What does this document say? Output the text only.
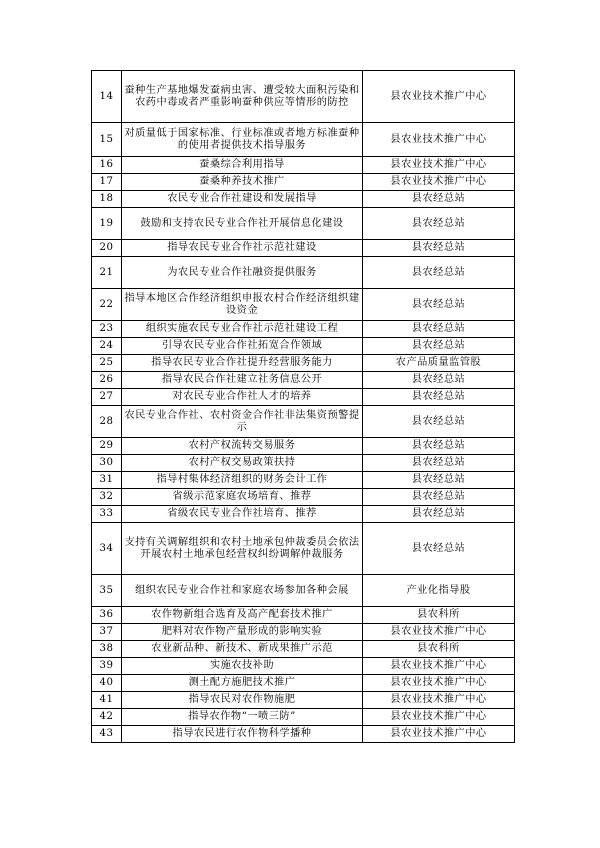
14	蚕种生产基地爆发蚕病虫害、遭受较大面积污染和农药中毒或者严重影响蚕种供应等情形的防控	县农业技术推广中心
15	对质量低于国家标准、行业标准或者地方标准蚕种的使用者提供技术指导服务	县农业技术推广中心
16	蚕桑综合利用指导	县农业技术推广中心
17	蚕桑种养技术推广	县农业技术推广中心
18	农民专业合作社建设和发展指导	县农经总站
19	鼓励和支持农民专业合作社开展信息化建设	县农经总站
20	指导农民专业合作社示范社建设	县农经总站
21	为农民专业合作社融资提供服务	县农经总站
22	指导本地区合作经济组织申报农村合作经济组织建设资金	县农经总站
23	组织实施农民专业合作社示范社建设工程	县农经总站
24	引导农民专业合作社拓宽合作领域	县农经总站
25	指导农民专业合作社提升经营服务能力	农产品质量监管股
26	指导农民合作社建立社务信息公开	县农经总站
27	对农民专业合作社人才的培养	县农经总站
28	农民专业合作社、农村资金合作社非法集资预警提示	县农经总站
29	农村产权流转交易服务	县农经总站
30	农村产权交易政策扶持	县农经总站
31	指导村集体经济组织的财务会计工作	县农经总站
32	省级示范家庭农场培育、推荐	县农经总站
33	省级农民专业合作社培育、推荐	县农经总站
34	支持有关调解组织和农村土地承包仲裁委员会依法开展农村土地承包经营权纠纷调解仲裁服务	县农经总站
35	组织农民专业合作社和家庭农场参加各种会展	产业化指导股
36	农作物新组合选育及高产配套技术推广	县农科所
37	肥料对农作物产量形成的影响实验	县农业技术推广中心
38	农业新品种、新技术、新成果推广示范	县农科所
39	实施农技补助	县农业技术推广中心
40	测土配方施肥技术推广	县农业技术推广中心
41	指导农民对农作物施肥	县农业技术推广中心
42	指导农作物“一喷三防”	县农业技术推广中心
43	指导农民进行农作物科学播种	县农业技术推广中心
